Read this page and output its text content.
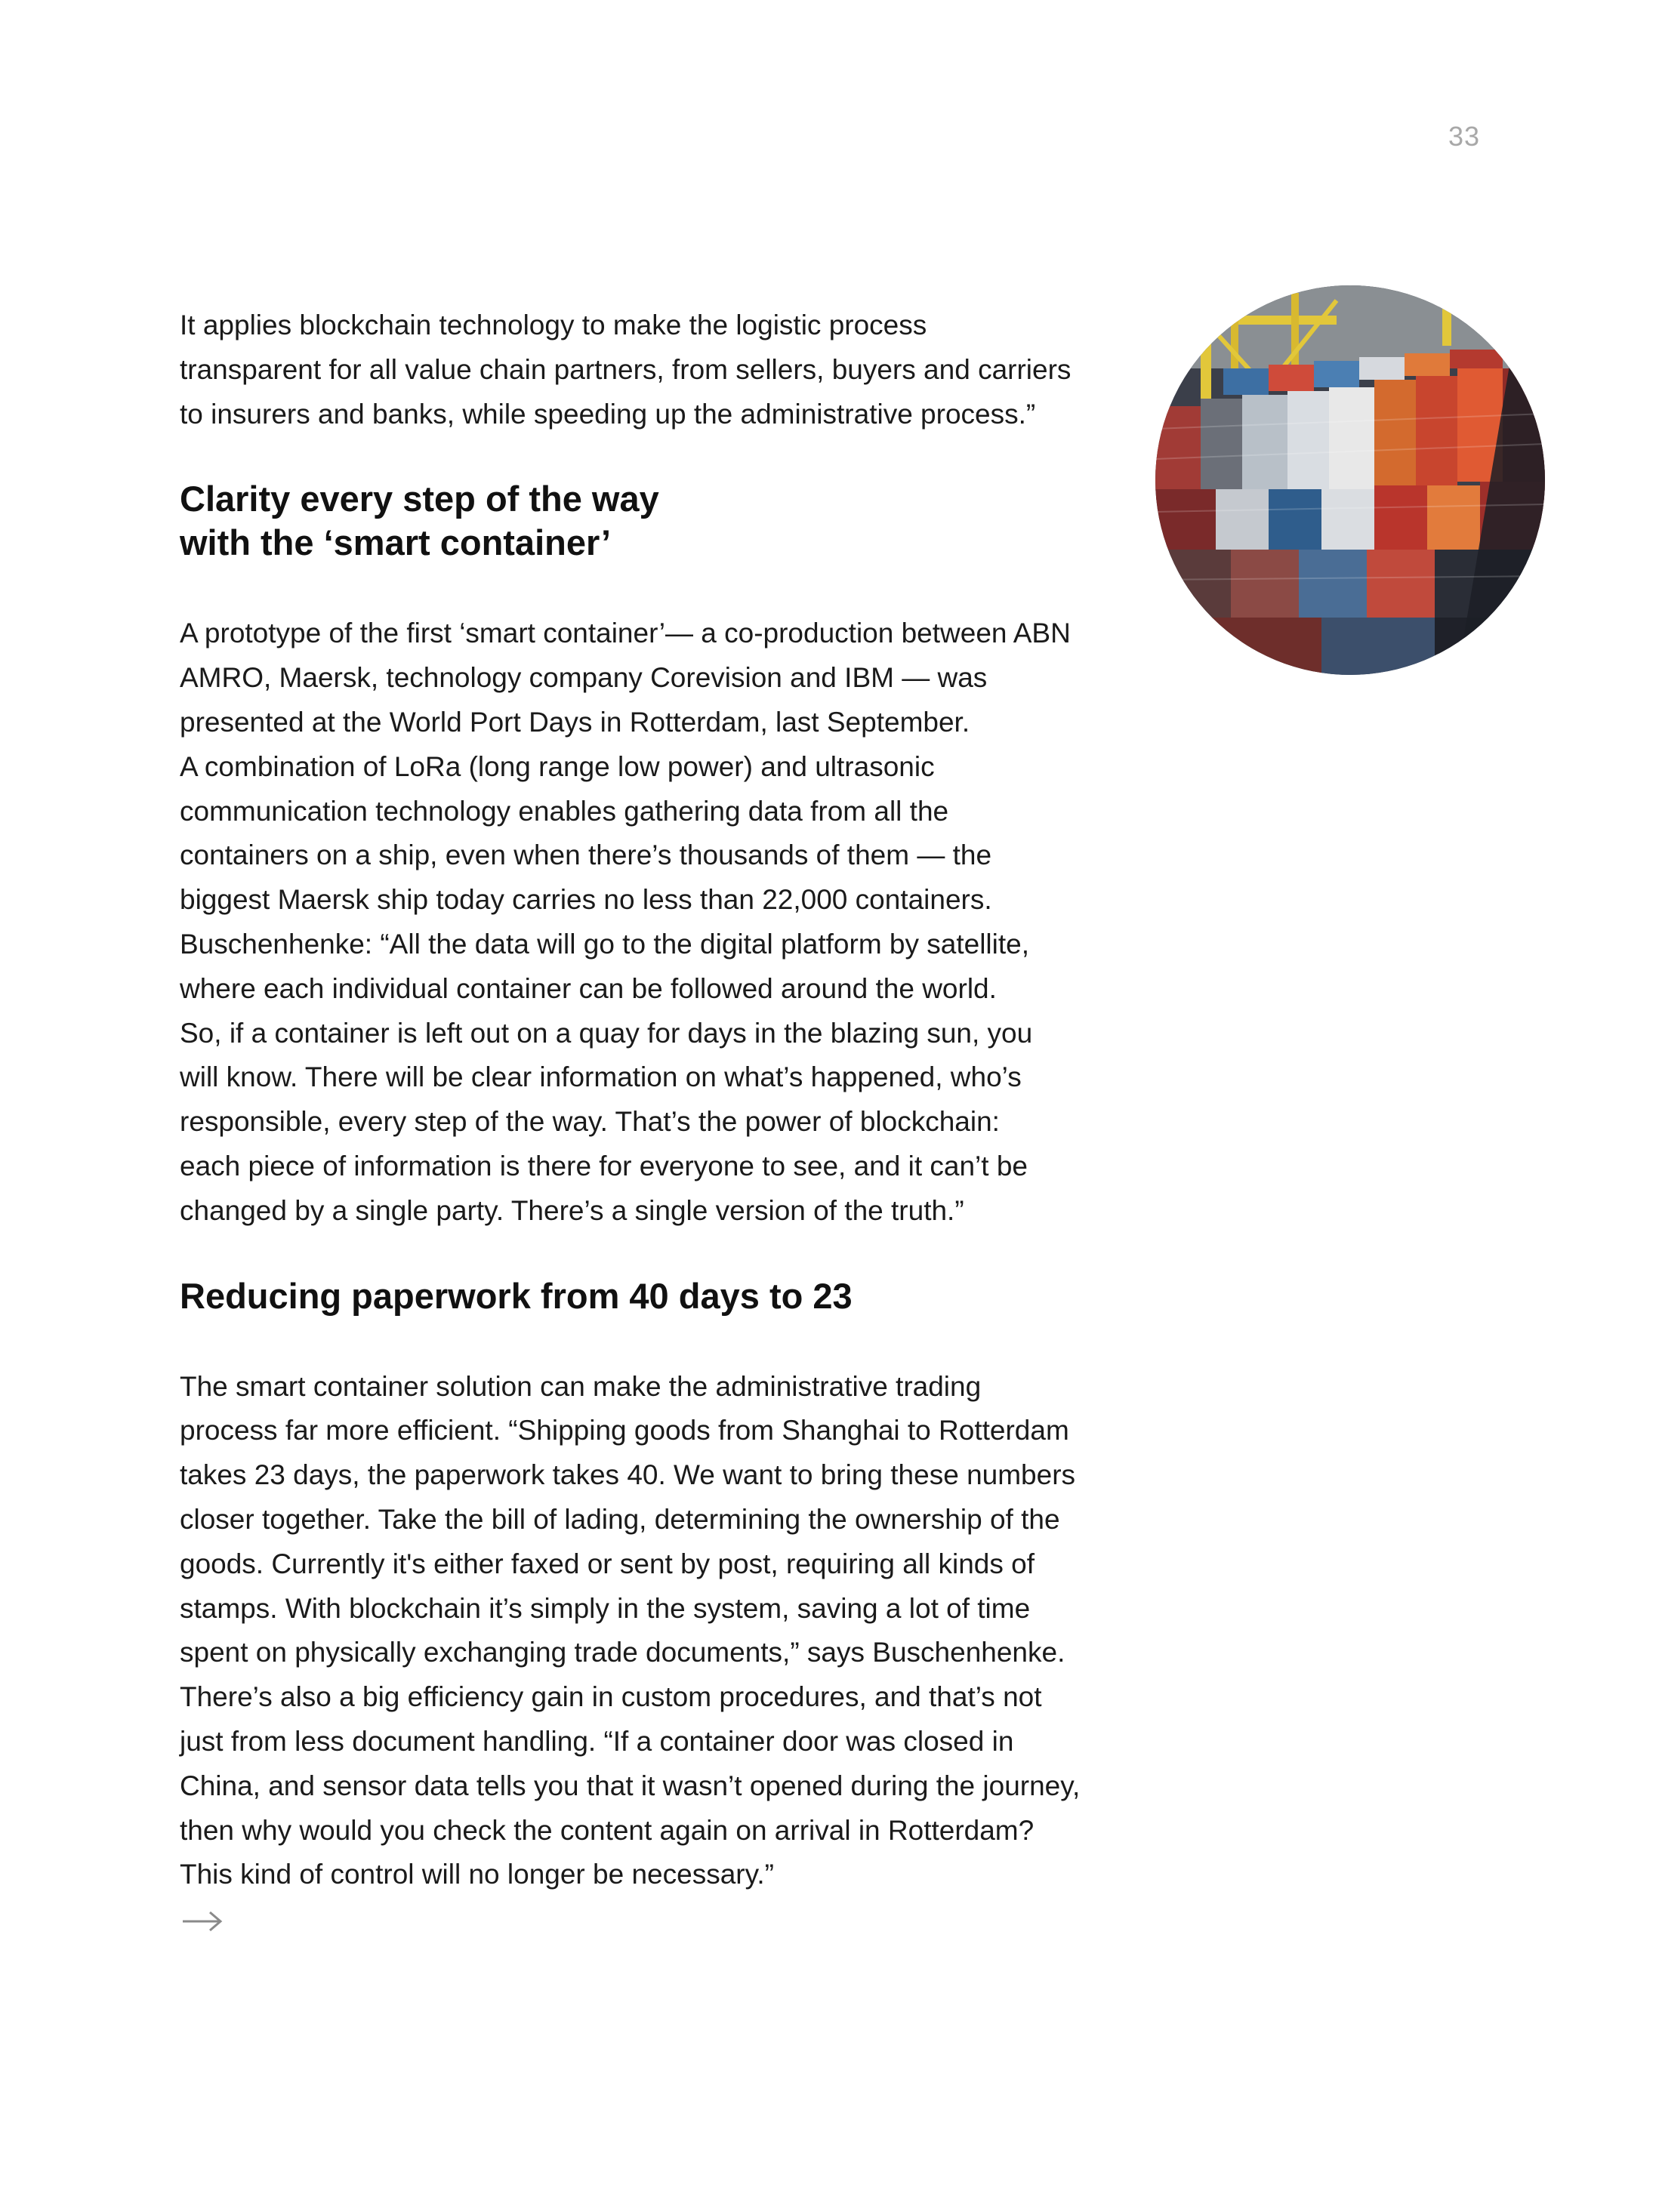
33

It applies blockchain technology to make the logistic process
transparent for all value chain partners, from sellers, buyers and carriers
to insurers and banks, while speeding up the administrative process.”

Clarity every step of the way
with the ‘smart container’

A prototype of the first ‘smart container’— a co-production between ABN
AMRO, Maersk, technology company Corevision and IBM — was
presented at the World Port Days in Rotterdam, last September.
A combination of LoRa (long range low power) and ultrasonic
communication technology enables gathering data from all the
containers on a ship, even when there’s thousands of them — the
biggest Maersk ship today carries no less than 22,000 containers.
Buschenhenke: “All the data will go to the digital platform by satellite,
where each individual container can be followed around the world.
So, if a container is left out on a quay for days in the blazing sun, you
will know. There will be clear information on what’s happened, who’s
responsible, every step of the way. That’s the power of blockchain:
each piece of information is there for everyone to see, and it can’t be
changed by a single party. There’s a single version of the truth.”

Reducing paperwork from 40 days to 23

The smart container solution can make the administrative trading
process far more efficient. “Shipping goods from Shanghai to Rotterdam
takes 23 days, the paperwork takes 40. We want to bring these numbers
closer together. Take the bill of lading, determining the ownership of the
goods. Currently it's either faxed or sent by post, requiring all kinds of
stamps. With blockchain it’s simply in the system, saving a lot of time
spent on physically exchanging trade documents,” says Buschenhenke.
There’s also a big efficiency gain in custom procedures, and that’s not
just from less document handling. “If a container door was closed in
China, and sensor data tells you that it wasn’t opened during the journey,
then why would you check the content again on arrival in Rotterdam?
This kind of control will no longer be necessary.”
